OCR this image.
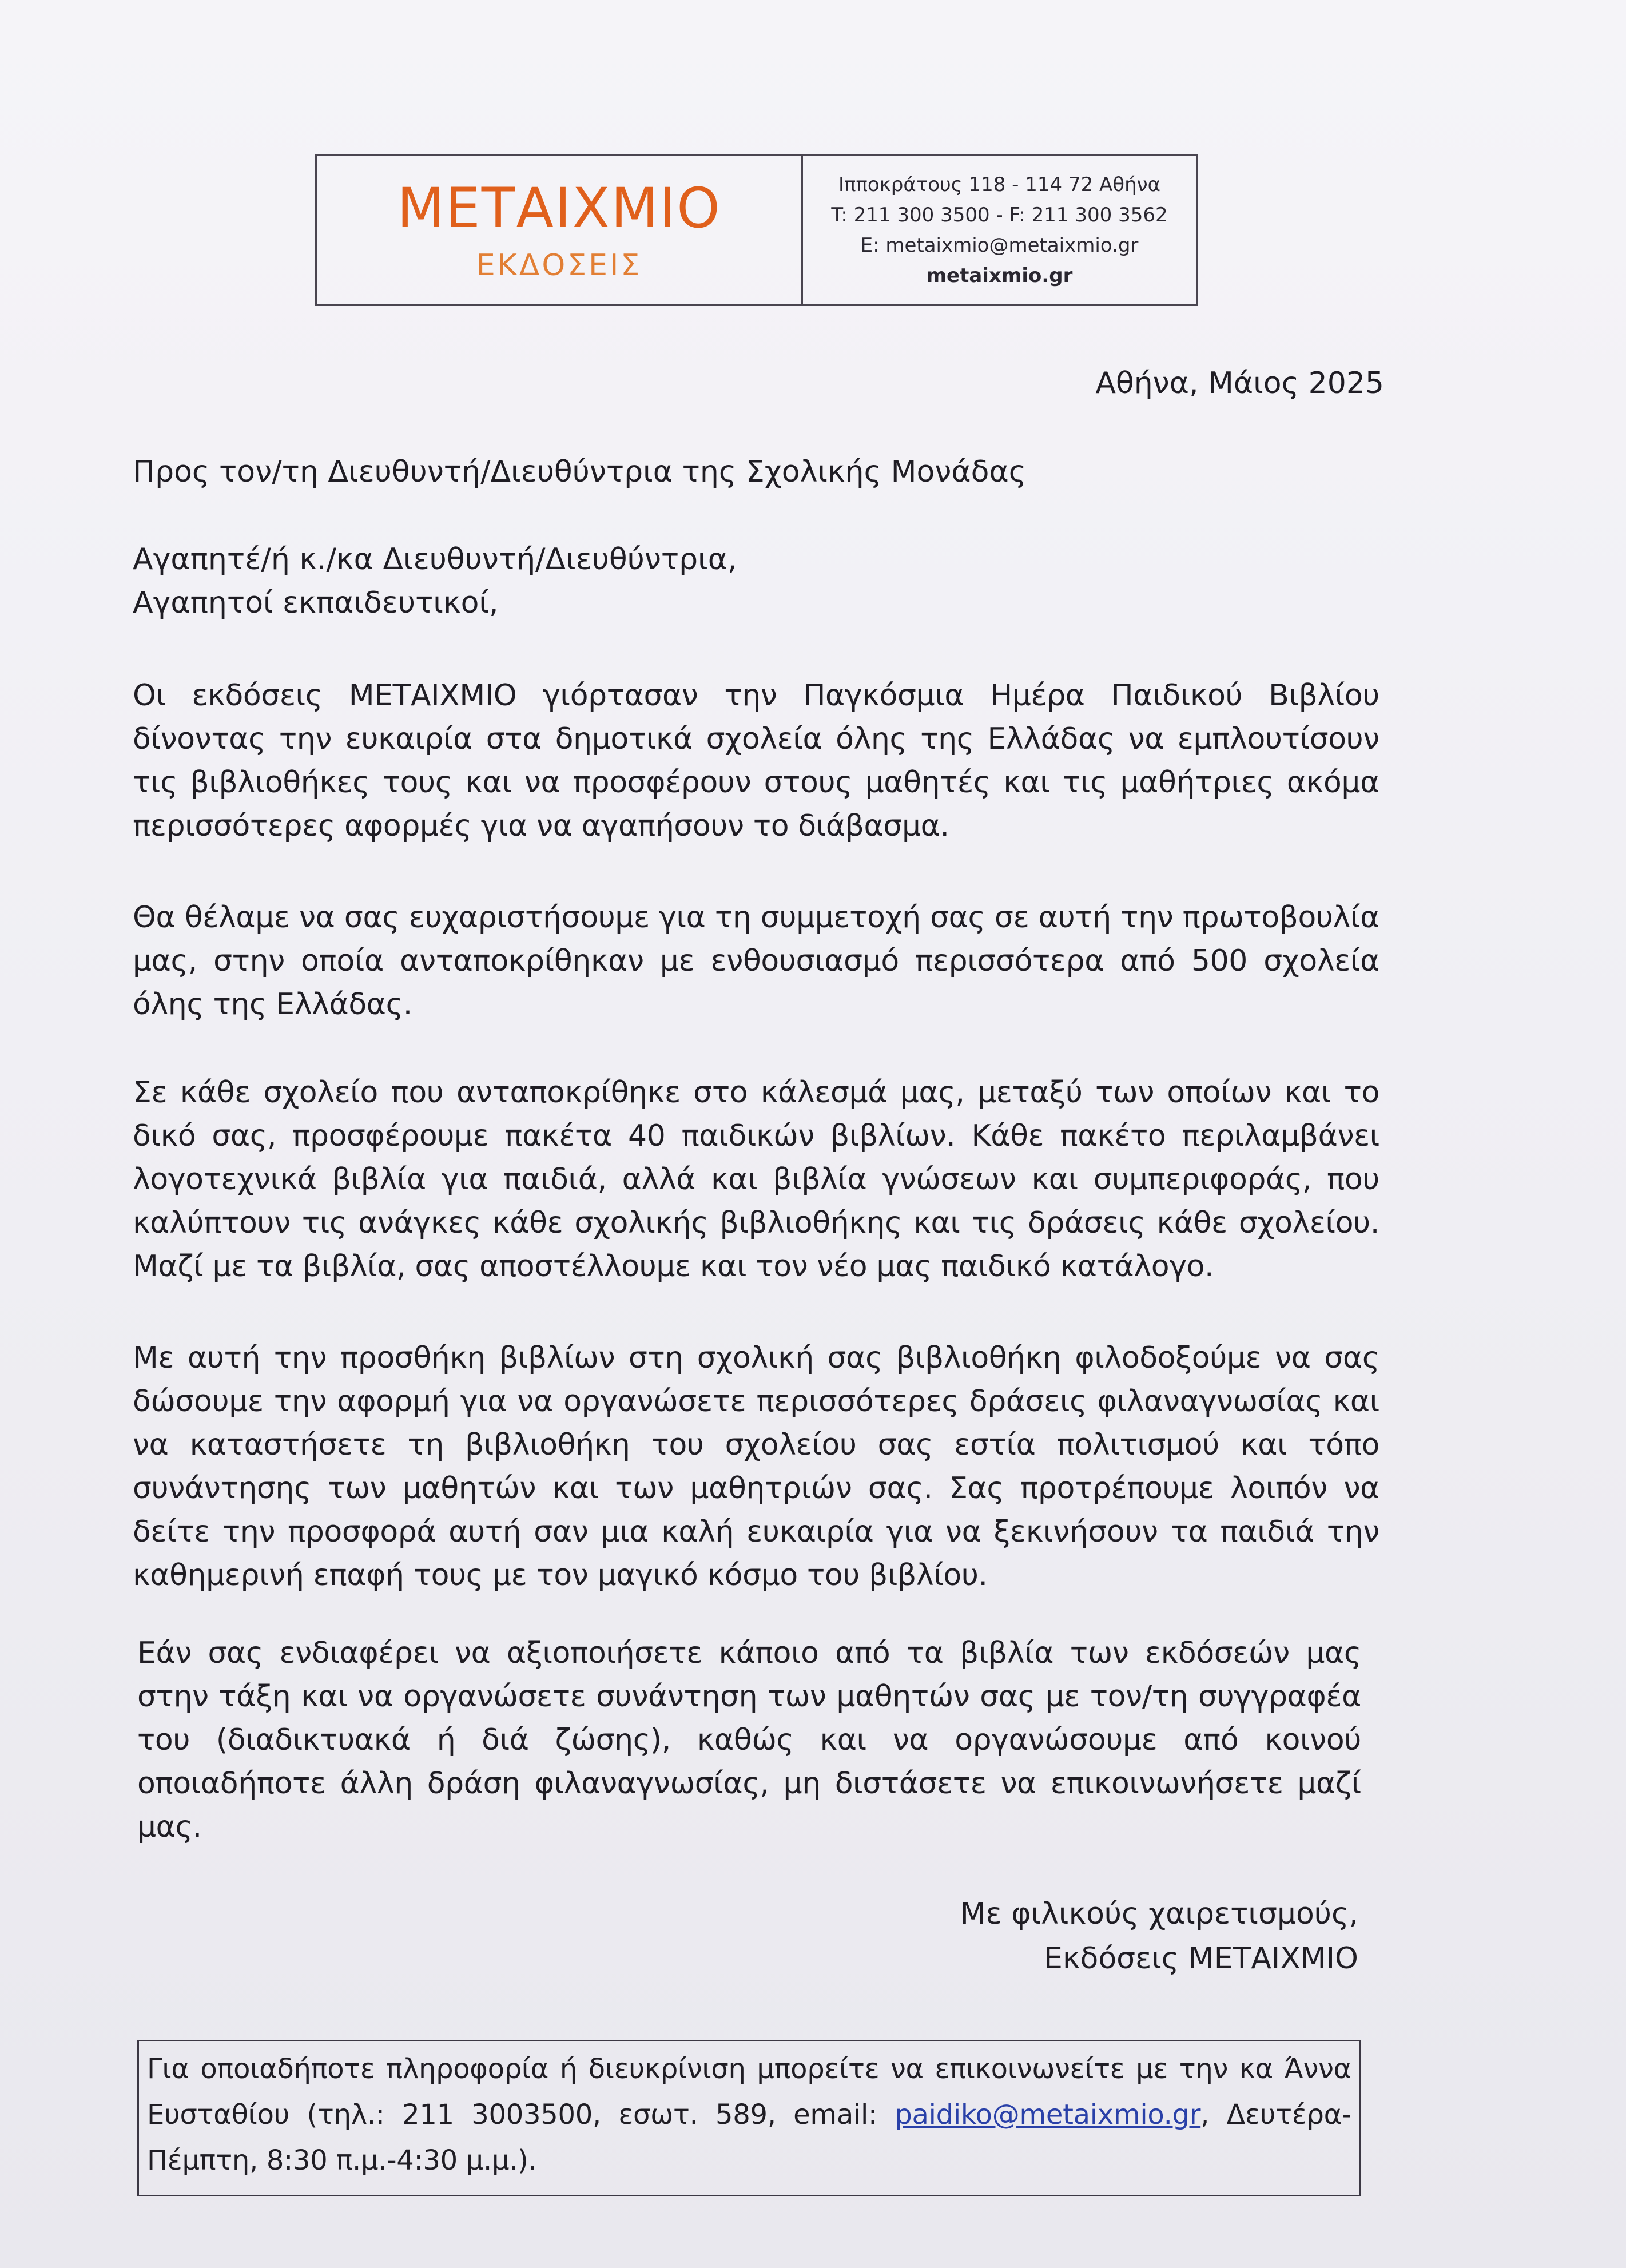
ΜΕΤΑΙΧΜΙΟ
ΕΚΔΟΣΕΙΣ
Ιπποκράτους 118 - 114 72 Αθήνα
T: 211 300 3500 - F: 211 300 3562
E: metaixmio@metaixmio.gr
metaixmio.gr
Αθήνα, Μάιος 2025
Προς τον/τη Διευθυντή/Διευθύντρια της Σχολικής Μονάδας
Αγαπητέ/ή κ./κα Διευθυντή/Διευθύντρια,
Αγαπητοί εκπαιδευτικοί,
Οι εκδόσεις ΜΕΤΑΙΧΜΙΟ γιόρτασαν την Παγκόσμια Ημέρα Παιδικού Βιβλίου δίνοντας την ευκαιρία στα δημοτικά σχολεία όλης της Ελλάδας να εμπλουτίσουν τις βιβλιοθήκες τους και να προσφέρουν στους μαθητές και τις μαθήτριες ακόμα περισσότερες αφορμές για να αγαπήσουν το διάβασμα.
Θα θέλαμε να σας ευχαριστήσουμε για τη συμμετοχή σας σε αυτή την πρωτοβουλία μας, στην οποία ανταποκρίθηκαν με ενθουσιασμό περισσότερα από 500 σχολεία όλης της Ελλάδας.
Σε κάθε σχολείο που ανταποκρίθηκε στο κάλεσμά μας, μεταξύ των οποίων και το δικό σας, προσφέρουμε πακέτα 40 παιδικών βιβλίων. Κάθε πακέτο περιλαμβάνει λογοτεχνικά βιβλία για παιδιά, αλλά και βιβλία γνώσεων και συμπεριφοράς, που καλύπτουν τις ανάγκες κάθε σχολικής βιβλιοθήκης και τις δράσεις κάθε σχολείου. Μαζί με τα βιβλία, σας αποστέλλουμε και τον νέο μας παιδικό κατάλογο.
Με αυτή την προσθήκη βιβλίων στη σχολική σας βιβλιοθήκη φιλοδοξούμε να σας δώσουμε την αφορμή για να οργανώσετε περισσότερες δράσεις φιλαναγνωσίας και να καταστήσετε τη βιβλιοθήκη του σχολείου σας εστία πολιτισμού και τόπο συνάντησης των μαθητών και των μαθητριών σας. Σας προτρέπουμε λοιπόν να δείτε την προσφορά αυτή σαν μια καλή ευκαιρία για να ξεκινήσουν τα παιδιά την καθημερινή επαφή τους με τον μαγικό κόσμο του βιβλίου.
Εάν σας ενδιαφέρει να αξιοποιήσετε κάποιο από τα βιβλία των εκδόσεών μας στην τάξη και να οργανώσετε συνάντηση των μαθητών σας με τον/τη συγγραφέα του (διαδικτυακά ή διά ζώσης), καθώς και να οργανώσουμε από κοινού οποιαδήποτε άλλη δράση φιλαναγνωσίας, μη διστάσετε να επικοινωνήσετε μαζί μας.
Με φιλικούς χαιρετισμούς,
Εκδόσεις ΜΕΤΑΙΧΜΙΟ
Για οποιαδήποτε πληροφορία ή διευκρίνιση μπορείτε να επικοινωνείτε με την κα Άννα Ευσταθίου (τηλ.: 211 3003500, εσωτ. 589, email: paidiko@metaixmio.gr, Δευτέρα-Πέμπτη, 8:30 π.μ.-4:30 μ.μ.).
